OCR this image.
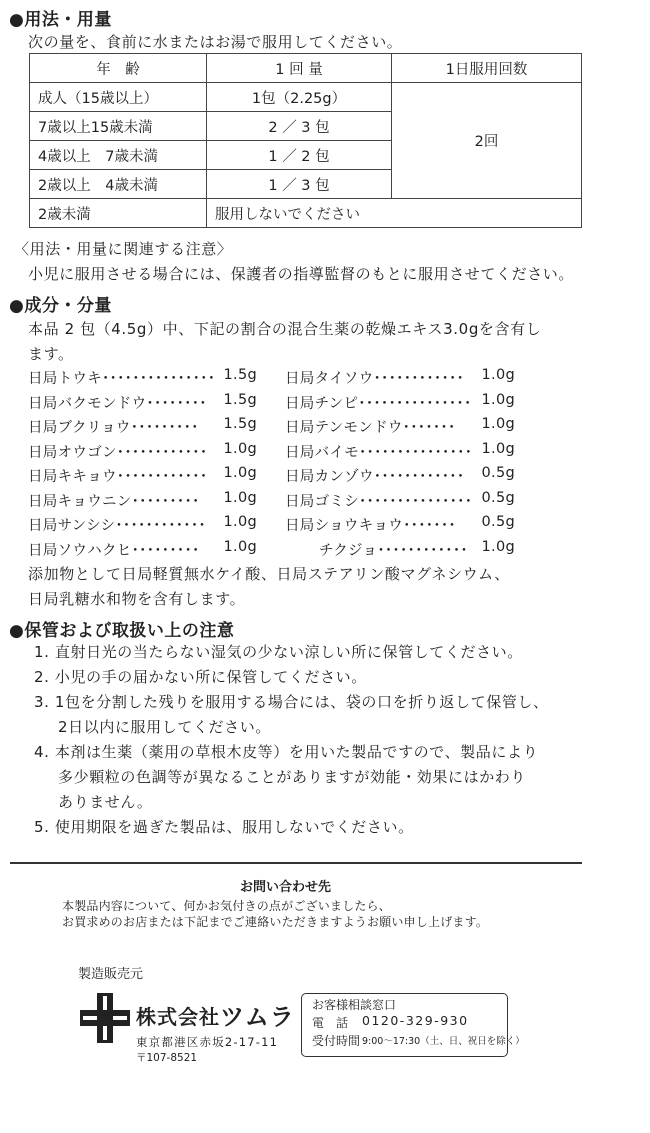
●用法・用量
次の量を、食前に水またはお湯で服用してください。
年　齢	1 回 量	1日服用回数
成人（15歳以上）	1包（2.25g）	2回
7歳以上15歳未満	2 ／ 3 包	
4歳以上　7歳未満	1 ／ 2 包	
2歳以上　4歳未満	1 ／ 3 包	
2歳未満	服用しないでください	
〈用法・用量に関連する注意〉
小児に服用させる場合には、保護者の指導監督のもとに服用させてください。
●成分・分量
本品 2 包（4.5g）中、下記の割合の混合生薬の乾燥エキス3.0gを含有し
ます。
日局トウキ･･･････････････ 1.5g
日局バクモンドウ････････ 1.5g
日局ブクリョウ･････････ 1.5g
日局オウゴン････････････ 1.0g
日局キキョウ････････････ 1.0g
日局キョウニン･････････ 1.0g
日局サンシシ････････････ 1.0g
日局ソウハクヒ･････････ 1.0g
日局タイソウ････････････ 1.0g
日局チンピ･･･････････････ 1.0g
日局テンモンドウ･･･････ 1.0g
日局バイモ･･･････････････ 1.0g
日局カンゾウ････････････ 0.5g
日局ゴミシ･･･････････････ 0.5g
日局ショウキョウ･･･････ 0.5g
チクジョ････････････ 1.0g
添加物として日局軽質無水ケイ酸、日局ステアリン酸マグネシウム、
日局乳糖水和物を含有します。
●保管および取扱い上の注意
1. 直射日光の当たらない湿気の少ない涼しい所に保管してください。
2. 小児の手の届かない所に保管してください。
3. 1包を分割した残りを服用する場合には、袋の口を折り返して保管し、
2日以内に服用してください。
4. 本剤は生薬（薬用の草根木皮等）を用いた製品ですので、製品により
多少顆粒の色調等が異なることがありますが効能・効果にはかわり
ありません。
5. 使用期限を過ぎた製品は、服用しないでください。
お問い合わせ先
本製品内容について、何かお気付きの点がございましたら、
お買求めのお店または下記までご連絡いただきますようお願い申し上げます。
製造販売元
株式会社 ツムラ
東京都港区赤坂2-17-11
〒107-8521
お客様相談窓口
電　話 0120-329-930
受付時間 9:00～17:30（土、日、祝日を除く）
